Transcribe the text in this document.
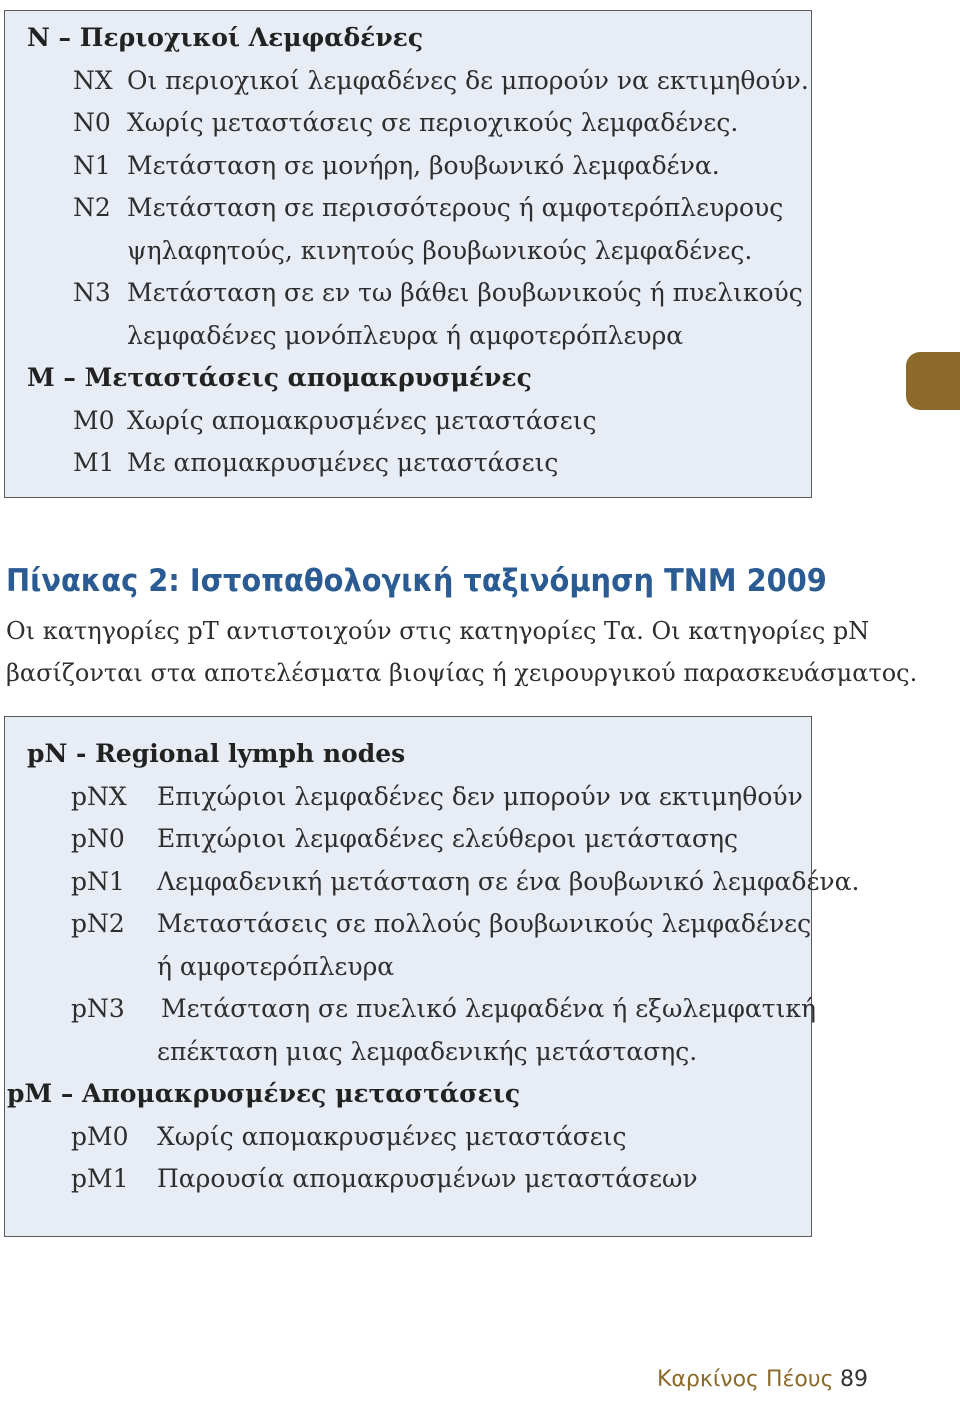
N – Περιοχικοί Λεμφαδένες
NX Οι περιοχικοί λεμφαδένες δε μπορούν να εκτιμηθούν.
N0 Χωρίς μεταστάσεις σε περιοχικούς λεμφαδένες.
N1 Μετάσταση σε μονήρη, βουβωνικό λεμφαδένα.
N2 Μετάσταση σε περισσότερους ή αμφοτερόπλευρους
ψηλαφητούς, κινητούς βουβωνικούς λεμφαδένες.
N3 Μετάσταση σε εν τω βάθει βουβωνικούς ή πυελικούς
λεμφαδένες μονόπλευρα ή αμφοτερόπλευρα
M – Μεταστάσεις απομακρυσμένες
M0 Χωρίς απομακρυσμένες μεταστάσεις
M1 Με απομακρυσμένες μεταστάσεις
Πίνακας 2: Ιστοπαθολογική ταξινόμηση TNM 2009
Οι κατηγορίες pT αντιστοιχούν στις κατηγορίες Τα. Οι κατηγορίες pN
βασίζονται στα αποτελέσματα βιοψίας ή χειρουργικού παρασκευάσματος.
pN - Regional lymph nodes
pNX Επιχώριοι λεμφαδένες δεν μπορούν να εκτιμηθούν
pN0 Επιχώριοι λεμφαδένες ελεύθεροι μετάστασης
pN1 Λεμφαδενική μετάσταση σε ένα βουβωνικό λεμφαδένα.
pN2 Μεταστάσεις σε πολλούς βουβωνικούς λεμφαδένες
ή αμφοτερόπλευρα
pN3 Μετάσταση σε πυελικό λεμφαδένα ή εξωλεμφατική
επέκταση μιας λεμφαδενικής μετάστασης.
pM – Απομακρυσμένες μεταστάσεις
pM0 Χωρίς απομακρυσμένες μεταστάσεις
pM1 Παρουσία απομακρυσμένων μεταστάσεων
Καρκίνος Πέους 89
